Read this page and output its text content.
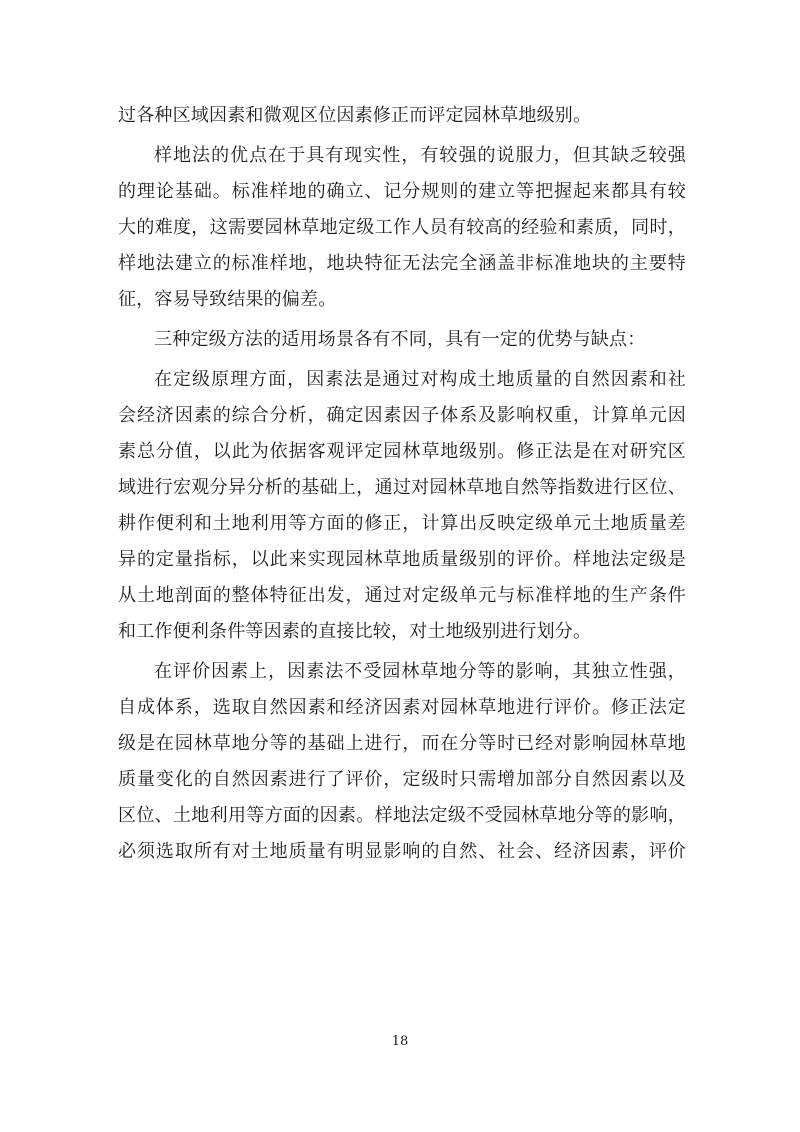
过各种区域因素和微观区位因素修正而评定园林草地级别。
样地法的优点在于具有现实性，有较强的说服力，但其缺乏较强
的理论基础。标准样地的确立、记分规则的建立等把握起来都具有较
大的难度，这需要园林草地定级工作人员有较高的经验和素质，同时，
样地法建立的标准样地，地块特征无法完全涵盖非标准地块的主要特
征，容易导致结果的偏差。
三种定级方法的适用场景各有不同，具有一定的优势与缺点：
在定级原理方面，因素法是通过对构成土地质量的自然因素和社
会经济因素的综合分析，确定因素因子体系及影响权重，计算单元因
素总分值，以此为依据客观评定园林草地级别。修正法是在对研究区
域进行宏观分异分析的基础上，通过对园林草地自然等指数进行区位、
耕作便利和土地利用等方面的修正，计算出反映定级单元土地质量差
异的定量指标，以此来实现园林草地质量级别的评价。样地法定级是
从土地剖面的整体特征出发，通过对定级单元与标准样地的生产条件
和工作便利条件等因素的直接比较，对土地级别进行划分。
在评价因素上，因素法不受园林草地分等的影响，其独立性强，
自成体系，选取自然因素和经济因素对园林草地进行评价。修正法定
级是在园林草地分等的基础上进行，而在分等时已经对影响园林草地
质量变化的自然因素进行了评价，定级时只需增加部分自然因素以及
区位、土地利用等方面的因素。样地法定级不受园林草地分等的影响，
必须选取所有对土地质量有明显影响的自然、社会、经济因素，评价
18
